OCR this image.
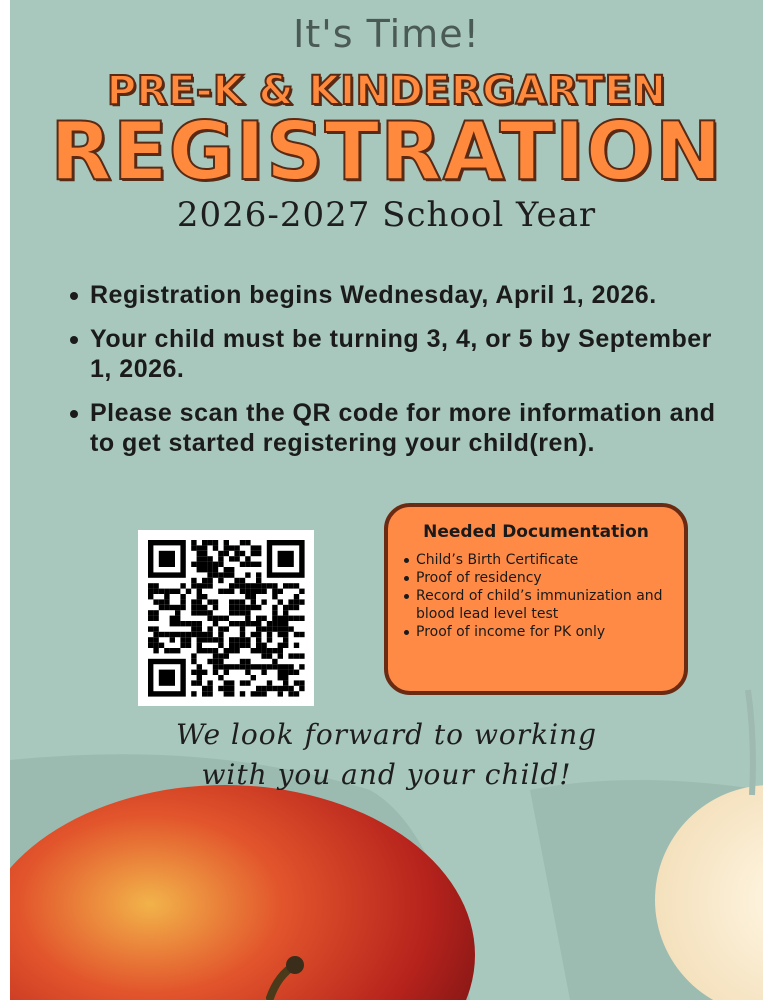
It's Time!
PRE-K & KINDERGARTEN
REGISTRATION
2026-2027 School Year
Registration begins Wednesday, April 1, 2026.
Your child must be turning 3, 4, or 5 by September 1, 2026.
Please scan the QR code for more information and to get started registering your child(ren).
Needed Documentation
Child’s Birth Certificate
Proof of residency
Record of child’s immunization and blood lead level test
Proof of income for PK only
We look forward to working
with you and your child!
